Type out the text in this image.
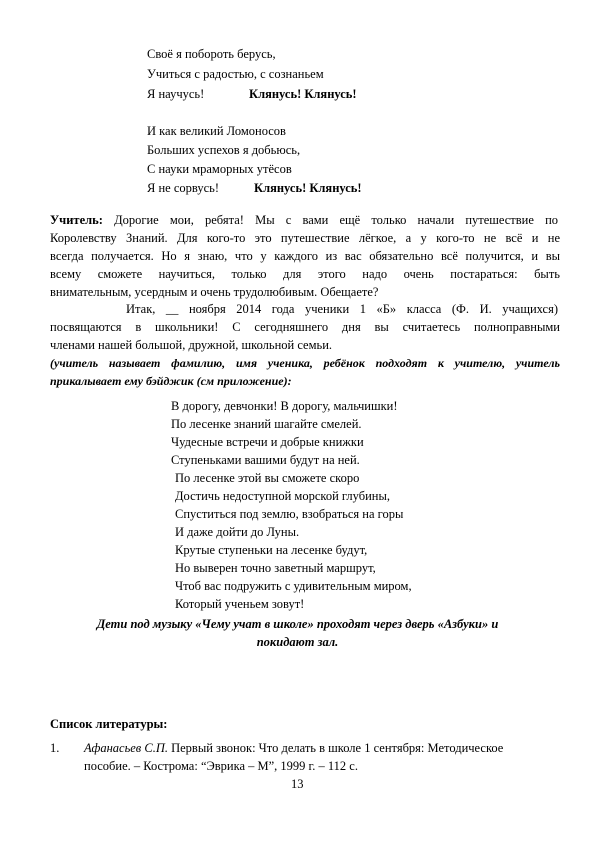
Своё я побороть берусь,
Учиться с радостью, с сознаньем
Я научусь!	Клянусь! Клянусь!
И как великий Ломоносов
Больших успехов я добьюсь,
С науки мраморных утёсов
Я не сорвусь!	Клянусь! Клянусь!
Учитель: Дорогие мои, ребята! Мы с вами ещё только начали путешествие по
Королевству Знаний. Для кого-то это путешествие лёгкое, а у кого-то не всё и не
всегда получается. Но я знаю, что у каждого из вас обязательно всё получится, и вы
всему сможете научиться, только для этого надо очень постараться: быть
внимательным, усердным и очень трудолюбивым. Обещаете?
Итак, __ ноября 2014 года ученики 1 «Б» класса (Ф. И. учащихся)
посвящаются в школьники! С сегодняшнего дня вы считаетесь полноправными
членами нашей большой, дружной, школьной семьи.
(учитель называет фамилию, имя ученика, ребёнок подходят к учителю, учитель
прикалывает ему бэйджик (см приложение):
В дорогу, девчонки! В дорогу, мальчишки!
По лесенке знаний шагайте смелей.
Чудесные встречи и добрые книжки
Ступеньками вашими будут на ней.
По лесенке этой вы сможете скоро
Достичь недоступной морской глубины,
Спуститься под землю, взобраться на горы
И даже дойти до Луны.
Крутые ступеньки на лесенке будут,
Но выверен точно заветный маршрут,
Чтоб вас подружить с удивительным миром,
Который ученьем зовут!
Дети под музыку «Чему учат в школе» проходят через дверь «Азбуки» и
покидают зал.
Список литературы:
1. Афанасьев С.П. Первый звонок: Что делать в школе 1 сентября: Методическое
пособие. – Кострома: “Эврика – М”, 1999 г. – 112 с.
13
